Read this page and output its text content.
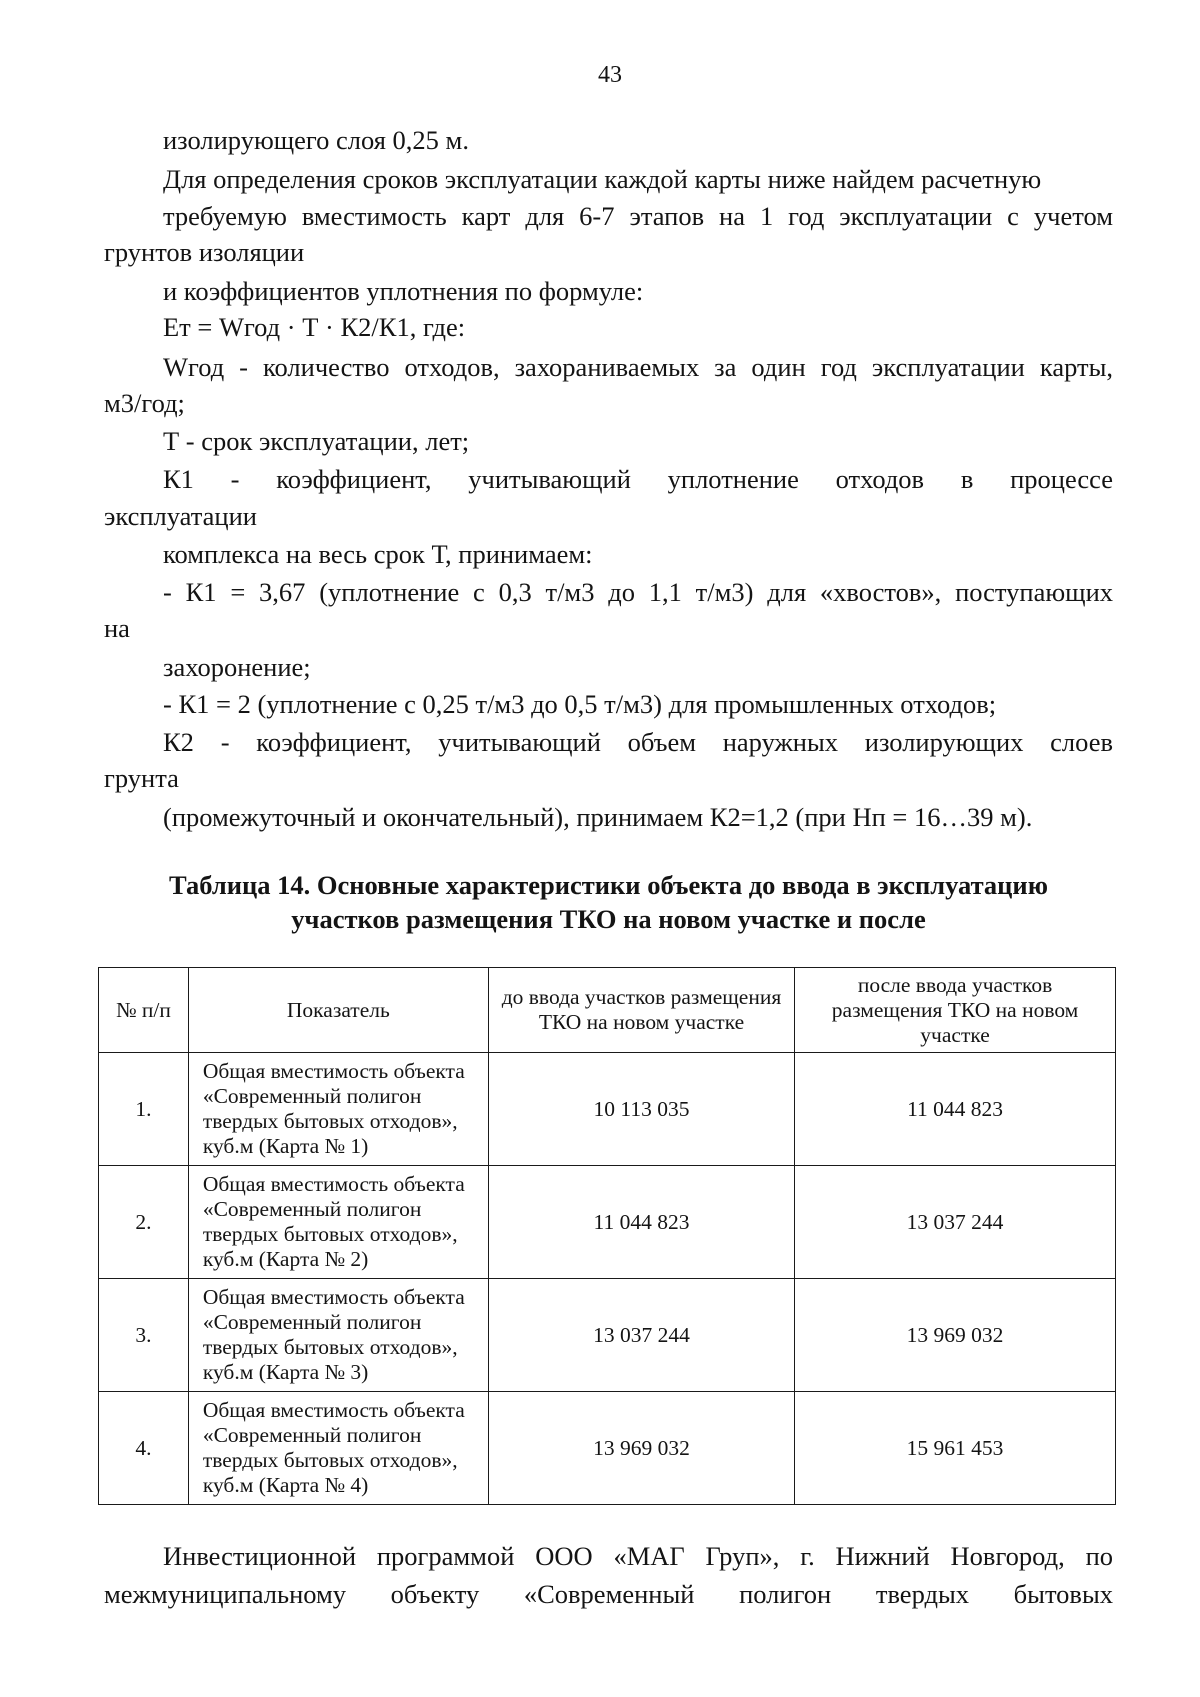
43
изолирующего слоя 0,25 м.
Для определения сроков эксплуатации каждой карты ниже найдем расчетную
требуемую вместимость карт для 6-7 этапов на 1 год эксплуатации с учетом
грунтов изоляции
и коэффициентов уплотнения по формуле:
Ет = Wгод · Т · К2/К1, где:
Wгод - количество отходов, захораниваемых за один год эксплуатации карты,
м3/год;
Т - срок эксплуатации, лет;
К1 - коэффициент, учитывающий уплотнение отходов в процессе
эксплуатации
комплекса на весь срок Т, принимаем:
- К1 = 3,67 (уплотнение с 0,3 т/м3 до 1,1 т/м3) для «хвостов», поступающих
на
захоронение;
- К1 = 2 (уплотнение с 0,25 т/м3 до 0,5 т/м3) для промышленных отходов;
К2 - коэффициент, учитывающий объем наружных изолирующих слоев
грунта
(промежуточный и окончательный), принимаем К2=1,2 (при Нп = 16…39 м).
Таблица 14. Основные характеристики объекта до ввода в эксплуатацию
участков размещения ТКО на новом участке и после
№ п/п	Показатель	до ввода участков размещения ТКО на новом участке	после ввода участков размещения ТКО на новом участке
1.	Общая вместимость объекта
«Современный полигон
твердых бытовых отходов»,
куб.м (Карта № 1)	10 113 035	11 044 823
2.	Общая вместимость объекта
«Современный полигон
твердых бытовых отходов»,
куб.м (Карта № 2)	11 044 823	13 037 244
3.	Общая вместимость объекта
«Современный полигон
твердых бытовых отходов»,
куб.м (Карта № 3)	13 037 244	13 969 032
4.	Общая вместимость объекта
«Современный полигон
твердых бытовых отходов»,
куб.м (Карта № 4)	13 969 032	15 961 453
Инвестиционной программой ООО «МАГ Груп», г. Нижний Новгород, по
межмуниципальному объекту «Современный полигон твердых бытовых
